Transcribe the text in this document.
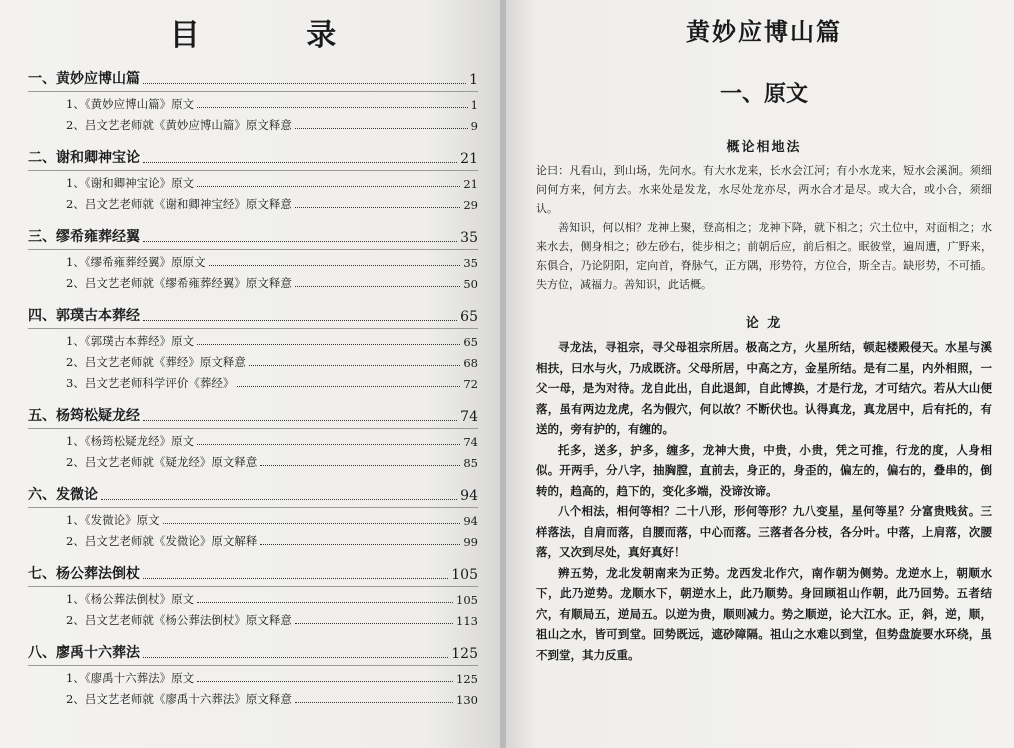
目 录
一、黄妙应博山篇	1
1、《黄妙应博山篇》原文	1
2、吕文艺老师就《黄妙应博山篇》原文释意	9
二、谢和卿神宝论	21
1、《谢和卿神宝论》原文	21
2、吕文艺老师就《谢和卿神宝经》原文释意	29
三、缪希雍葬经翼	35
1、《缪希雍葬经翼》原原文	35
2、吕文艺老师就《缪希雍葬经翼》原文释意	50
四、郭璞古本葬经	65
1、《郭璞古本葬经》原文	65
2、吕文艺老师就《葬经》原文释意	68
3、吕文艺老师科学评价《葬经》	72
五、杨筠松疑龙经	74
1、《杨筠松疑龙经》原文	74
2、吕文艺老师就《疑龙经》原文释意	85
六、发微论	94
1、《发微论》原文	94
2、吕文艺老师就《发微论》原文解释	99
七、杨公葬法倒杖	105
1、《杨公葬法倒杖》原文	105
2、吕文艺老师就《杨公葬法倒杖》原文释意	113
八、廖禹十六葬法	125
1、《廖禹十六葬法》原文	125
2、吕文艺老师就《廖禹十六葬法》原文释意	130
黄妙应博山篇
一、原文
概论相地法

论曰：凡看山，到山场，先问水。有大水龙来，长水会江河；有小水龙来，短水会溪涧。须细问何方来，何方去。水来处是发龙，水尽处龙亦尽，两水合才是尽。或大合，或小合，须细认。

善知识，何以相？龙神上聚，登高相之；龙神下降，就下相之；穴土位中，对面相之；水来水去，侧身相之；砂左砂右，徙步相之；前朝后应，前后相之。眠彼堂，遍周遭，广野来，东俱合，乃论阴阳，定向首，脊脉气，正方隅，形势符，方位合，斯全吉。缺形势，不可插。失方位，减福力。善知识，此话概。

论 龙

寻龙法，寻祖宗，寻父母祖宗所居。极高之方，火星所结，顿起楼殿侵天。水星与溪相扶，曰水与火，乃成既济。父母所居，中高之方，金星所结。是有二星，内外相照，一父一母，是为对待。龙自此出，自此退卸，自此博换，才是行龙，才可结穴。若从大山便落，虽有两边龙虎，名为假穴，何以故？不断伏也。认得真龙，真龙居中，后有托的，有送的，旁有护的，有缠的。

托多，送多，护多，缠多，龙神大贵，中贵，小贵，凭之可推，行龙的度，人身相似。开两手，分八字，抽胸膛，直前去，身正的，身歪的，偏左的，偏右的，叠串的，倒转的，趋高的，趋下的，变化多端，没谛汝谛。

八个相法，相何等相？二十八形，形何等形？九八变星，星何等星？分富贵贱贫。三样落法，自肩而落，自腰而落，中心而落。三落者各分枝，各分叶。中落，上肩落，次腰落，又次到尽处，真好真好！

辨五势，龙北发朝南来为正势。龙西发北作穴，南作朝为侧势。龙逆水上，朝顺水下，此乃逆势。龙顺水下，朝逆水上，此乃顺势。身回顾祖山作朝，此乃回势。五者结穴，有顺局五，逆局五。以逆为贵，顺则减力。势之顺逆，论大江水。正，斜，逆，顺，祖山之水，皆可到堂。回势既远，遮砂障隔。祖山之水难以到堂，但势盘旋要水环绕，虽不到堂，其力反重。
